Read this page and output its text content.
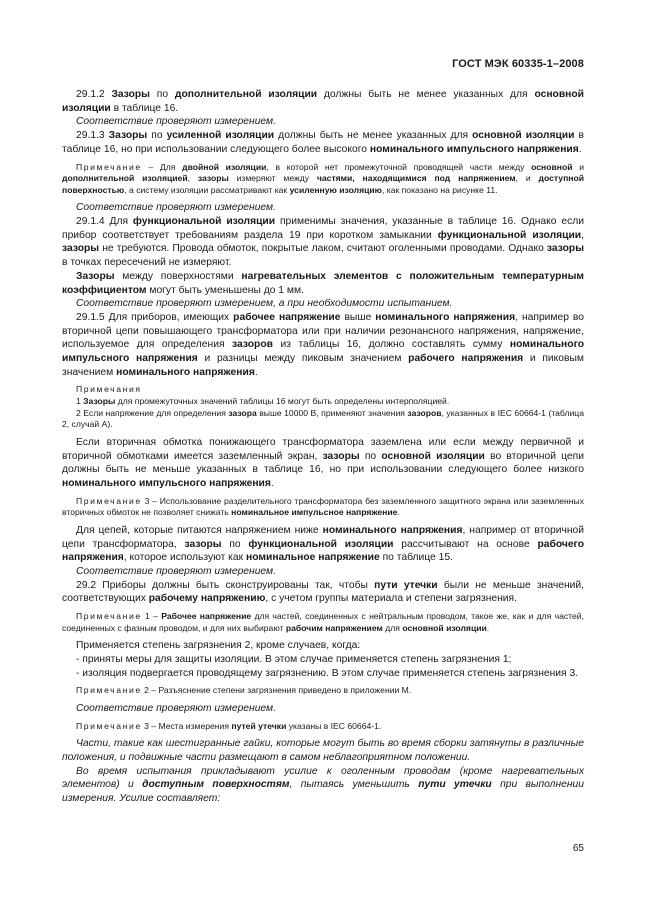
ГОСТ МЭК 60335-1–2008

29.1.2 Зазоры по дополнительной изоляции должны быть не менее указанных для основной изоляции в таблице 16.

Соответствие проверяют измерением.

29.1.3 Зазоры по усиленной изоляции должны быть не менее указанных для основной изоляции в таблице 16, но при использовании следующего более высокого номинального импульсного напряжения.

Примечание – Для двойной изоляции, в которой нет промежуточной проводящей части между основной и дополнительной изоляцией, зазоры измеряют между частями, находящимися под напряжением, и доступной поверхностью, а систему изоляции рассматривают как усиленную изоляцию, как показано на рисунке 11.

Соответствие проверяют измерением.

29.1.4 Для функциональной изоляции применимы значения, указанные в таблице 16. Однако если прибор соответствует требованиям раздела 19 при коротком замыкании функциональной изоляции, зазоры не требуются. Провода обмоток, покрытые лаком, считают оголенными проводами. Однако зазоры в точках пересечений не измеряют.

Зазоры между поверхностями нагревательных элементов с положительным температурным коэффициентом могут быть уменьшены до 1 мм.

Соответствие проверяют измерением, а при необходимости испытанием.

29.1.5 Для приборов, имеющих рабочее напряжение выше номинального напряжения, например во вторичной цепи повышающего трансформатора или при наличии резонансного напряжения, напряжение, используемое для определения зазоров из таблицы 16, должно составлять сумму номинального импульсного напряжения и разницы между пиковым значением рабочего напряжения и пиковым значением номинального напряжения.

Примечания

1 Зазоры для промежуточных значений таблицы 16 могут быть определены интерполяцией.

2 Если напряжение для определения зазора выше 10000 В, применяют значения зазоров, указанных в IEC 60664-1 (таблица 2, случай А).

Если вторичная обмотка понижающего трансформатора заземлена или если между первичной и вторичной обмотками имеется заземленный экран, зазоры по основной изоляции во вторичной цепи должны быть не меньше указанных в таблице 16, но при использовании следующего более низкого номинального импульсного напряжения.

Примечание 3 – Использование разделительного трансформатора без заземленного защитного экрана или заземленных вторичных обмоток не позволяет снижать номинальное импульсное напряжение.

Для цепей, которые питаются напряжением ниже номинального напряжения, например от вторичной цепи трансформатора, зазоры по функциональной изоляции рассчитывают на основе рабочего напряжения, которое используют как номинальное напряжение по таблице 15.

Соответствие проверяют измерением.

29.2 Приборы должны быть сконструированы так, чтобы пути утечки были не меньше значений, соответствующих рабочему напряжению, с учетом группы материала и степени загрязнения.

Примечание 1 – Рабочее напряжение для частей, соединенных с нейтральным проводом, такое же, как и для частей, соединенных с фазным проводом, и для них выбирают рабочим напряжением для основной изоляции.

Применяется степень загрязнения 2, кроме случаев, когда:

- приняты меры для защиты изоляции. В этом случае применяется степень загрязнения 1;

- изоляция подвергается проводящему загрязнению. В этом случае применяется степень загрязнения 3.

Примечание 2 – Разъяснение степени загрязнения приведено в приложении М.

Соответствие проверяют измерением.

Примечание 3 – Места измерения путей утечки указаны в IEC 60664-1.

Части, такие как шестигранные гайки, которые могут быть во время сборки затянуты в различные положения, и подвижные части размещают в самом неблагоприятном положении.

Во время испытания прикладывают усилие к оголенным проводам (кроме нагревательных элементов) и доступным поверхностям, пытаясь уменьшить пути утечки при выполнении измерения. Усилие составляет:

65
